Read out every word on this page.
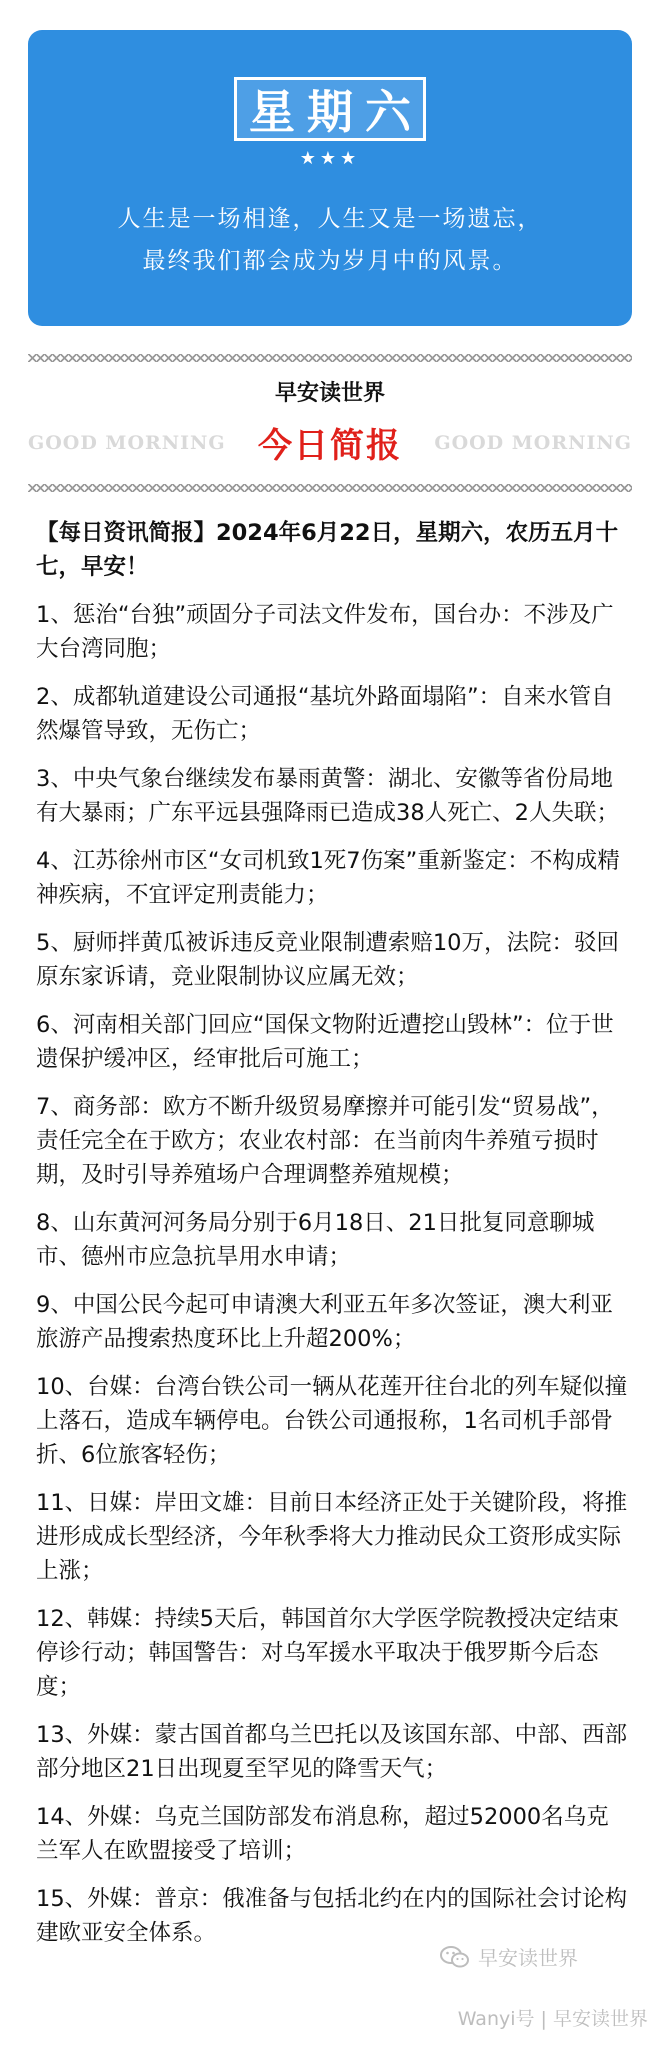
星期六
★★★
人生是一场相逢，人生又是一场遗忘，
最终我们都会成为岁月中的风景。
早安读世界
GOOD MORNING 今日简报	GOOD MORNING

【每日资讯简报】2024年6月22日，星期六，农历五月十七，早安！

1、惩治“台独”顽固分子司法文件发布，国台办：不涉及广大台湾同胞；

2、成都轨道建设公司通报“基坑外路面塌陷”：自来水管自然爆管导致，无伤亡；

3、中央气象台继续发布暴雨黄警：湖北、安徽等省份局地有大暴雨；广东平远县强降雨已造成38人死亡、2人失联；

4、江苏徐州市区“女司机致1死7伤案”重新鉴定：不构成精神疾病，不宜评定刑责能力；

5、厨师拌黄瓜被诉违反竞业限制遭索赔10万，法院：驳回原东家诉请，竞业限制协议应属无效；

6、河南相关部门回应“国保文物附近遭挖山毁林”：位于世遗保护缓冲区，经审批后可施工；

7、商务部：欧方不断升级贸易摩擦并可能引发“贸易战”，责任完全在于欧方；农业农村部：在当前肉牛养殖亏损时期，及时引导养殖场户合理调整养殖规模；

8、山东黄河河务局分别于6月18日、21日批复同意聊城市、德州市应急抗旱用水申请；

9、中国公民今起可申请澳大利亚五年多次签证，澳大利亚旅游产品搜索热度环比上升超200%；

10、台媒：台湾台铁公司一辆从花莲开往台北的列车疑似撞上落石，造成车辆停电。台铁公司通报称，1名司机手部骨折、6位旅客轻伤；

11、日媒：岸田文雄：目前日本经济正处于关键阶段，将推进形成成长型经济，今年秋季将大力推动民众工资形成实际上涨；

12、韩媒：持续5天后，韩国首尔大学医学院教授决定结束停诊行动；韩国警告：对乌军援水平取决于俄罗斯今后态度；

13、外媒：蒙古国首都乌兰巴托以及该国东部、中部、西部部分地区21日出现夏至罕见的降雪天气；

14、外媒：乌克兰国防部发布消息称，超过52000名乌克兰军人在欧盟接受了培训；

15、外媒：普京：俄准备与包括北约在内的国际社会讨论构建欧亚安全体系。

早安读世界
Wanyi号 | 早安读世界
